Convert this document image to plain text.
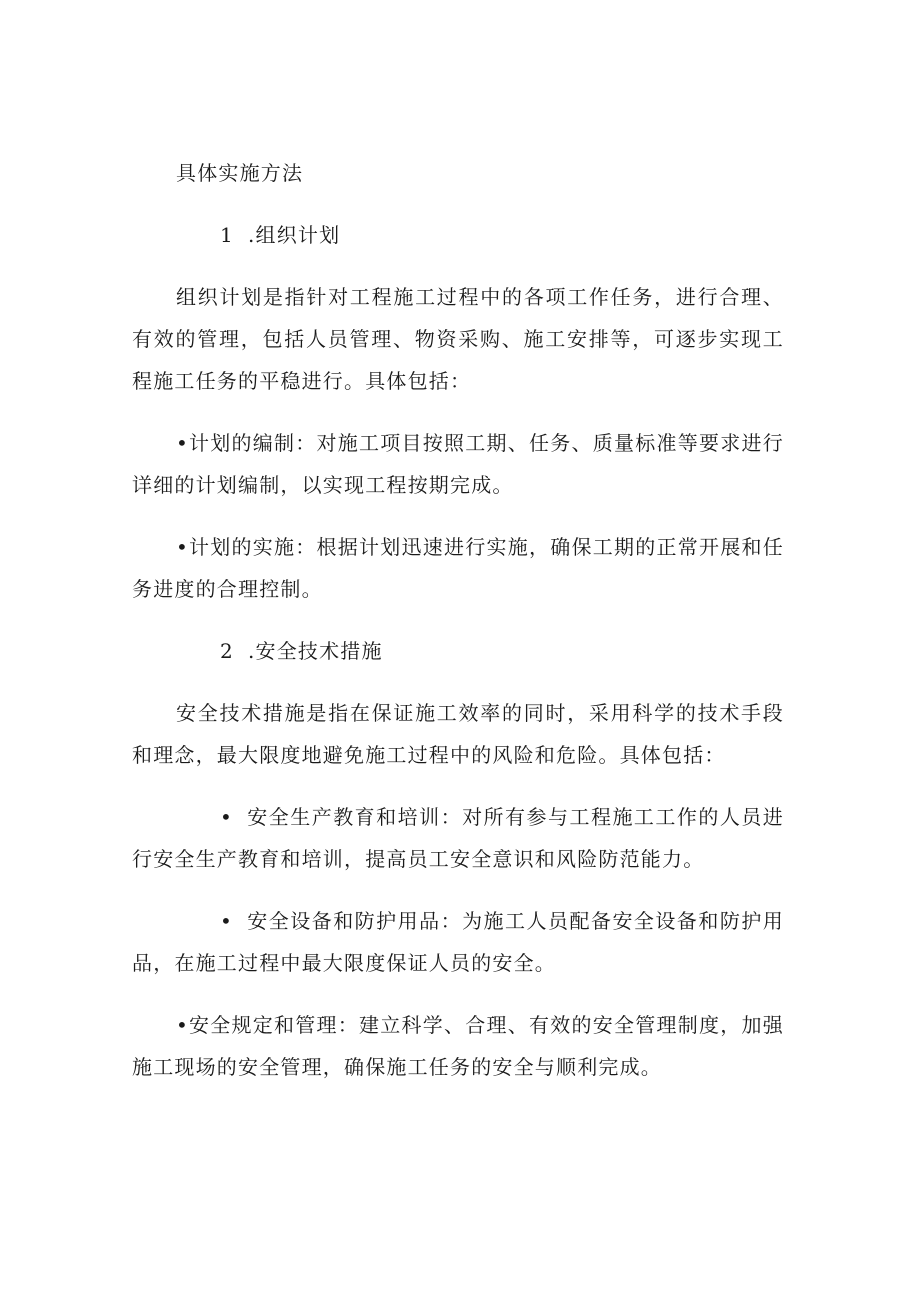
具体实施方法

1 .组织计划

组织计划是指针对工程施工过程中的各项工作任务，进行合理、有效的管理，包括人员管理、物资采购、施工安排等，可逐步实现工程施工任务的平稳进行。具体包括：

•计划的编制：对施工项目按照工期、任务、质量标准等要求进行详细的计划编制，以实现工程按期完成。

•计划的实施：根据计划迅速进行实施，确保工期的正常开展和任务进度的合理控制。

2 .安全技术措施

安全技术措施是指在保证施工效率的同时，采用科学的技术手段和理念，最大限度地避免施工过程中的风险和危险。具体包括：

• 安全生产教育和培训：对所有参与工程施工工作的人员进行安全生产教育和培训，提高员工安全意识和风险防范能力。

• 安全设备和防护用品：为施工人员配备安全设备和防护用品，在施工过程中最大限度保证人员的安全。

•安全规定和管理：建立科学、合理、有效的安全管理制度，加强施工现场的安全管理，确保施工任务的安全与顺利完成。
